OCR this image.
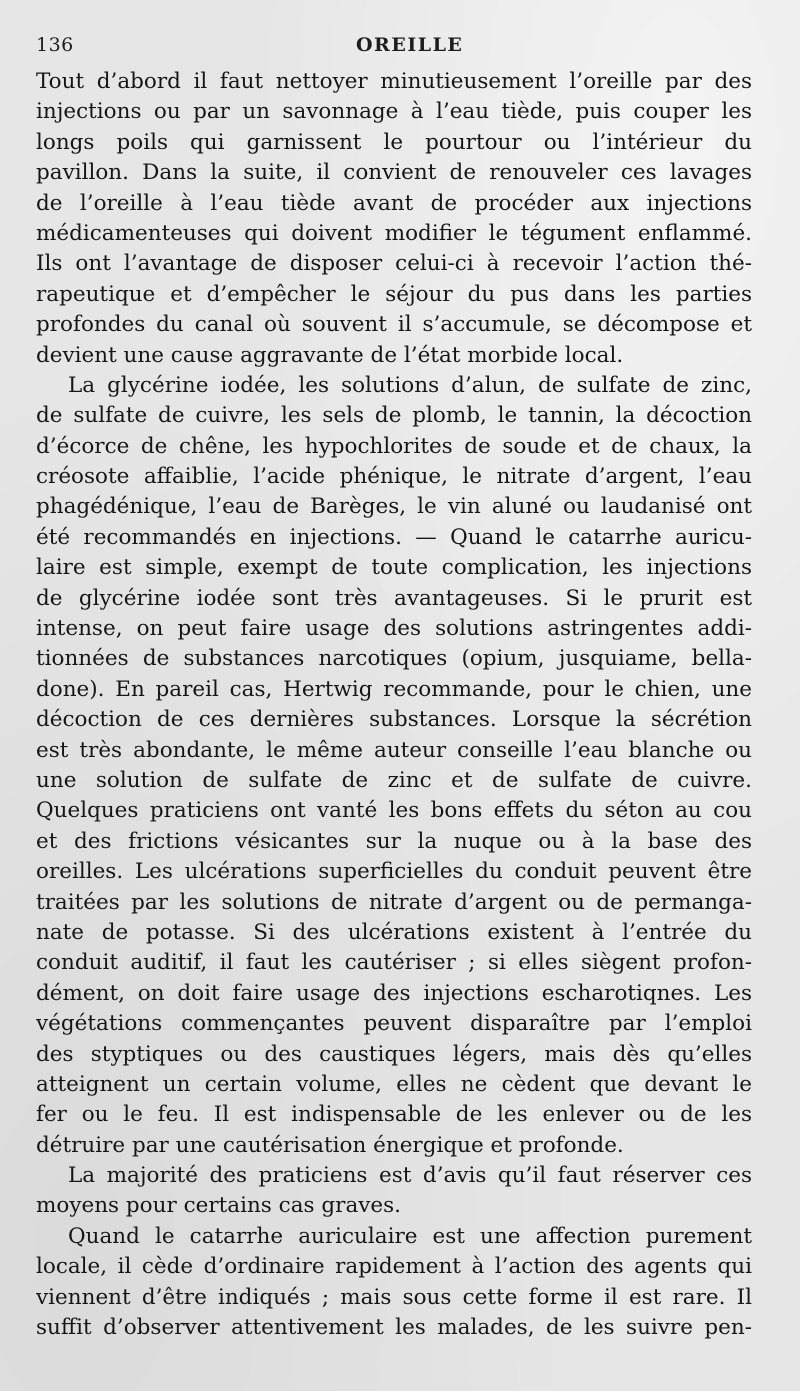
136	OREILLE
Tout d’abord il faut nettoyer minutieusement l’oreille par des
injections ou par un savonnage à l’eau tiède, puis couper les
longs poils qui garnissent le pourtour ou l’intérieur du
pavillon. Dans la suite, il convient de renouveler ces lavages
de l’oreille à l’eau tiède avant de procéder aux injections
médicamenteuses qui doivent modifier le tégument enflammé.
Ils ont l’avantage de disposer celui-ci à recevoir l’action thé-
rapeutique et d’empêcher le séjour du pus dans les parties
profondes du canal où souvent il s’accumule, se décompose et
devient une cause aggravante de l’état morbide local.
La glycérine iodée, les solutions d’alun, de sulfate de zinc,
de sulfate de cuivre, les sels de plomb, le tannin, la décoction
d’écorce de chêne, les hypochlorites de soude et de chaux, la
créosote affaiblie, l’acide phénique, le nitrate d’argent, l’eau
phagédénique, l’eau de Barèges, le vin aluné ou laudanisé ont
été recommandés en injections. — Quand le catarrhe auricu-
laire est simple, exempt de toute complication, les injections
de glycérine iodée sont très avantageuses. Si le prurit est
intense, on peut faire usage des solutions astringentes addi-
tionnées de substances narcotiques (opium, jusquiame, bella-
done). En pareil cas, Hertwig recommande, pour le chien, une
décoction de ces dernières substances. Lorsque la sécrétion
est très abondante, le même auteur conseille l’eau blanche ou
une solution de sulfate de zinc et de sulfate de cuivre.
Quelques praticiens ont vanté les bons effets du séton au cou
et des frictions vésicantes sur la nuque ou à la base des
oreilles. Les ulcérations superficielles du conduit peuvent être
traitées par les solutions de nitrate d’argent ou de permanga-
nate de potasse. Si des ulcérations existent à l’entrée du
conduit auditif, il faut les cautériser ; si elles siègent profon-
dément, on doit faire usage des injections escharotiqnes. Les
végétations commençantes peuvent disparaître par l’emploi
des styptiques ou des caustiques légers, mais dès qu’elles
atteignent un certain volume, elles ne cèdent que devant le
fer ou le feu. Il est indispensable de les enlever ou de les
détruire par une cautérisation énergique et profonde.
La majorité des praticiens est d’avis qu’il faut réserver ces
moyens pour certains cas graves.
Quand le catarrhe auriculaire est une affection purement
locale, il cède d’ordinaire rapidement à l’action des agents qui
viennent d’être indiqués ; mais sous cette forme il est rare. Il
suffit d’observer attentivement les malades, de les suivre pen-
